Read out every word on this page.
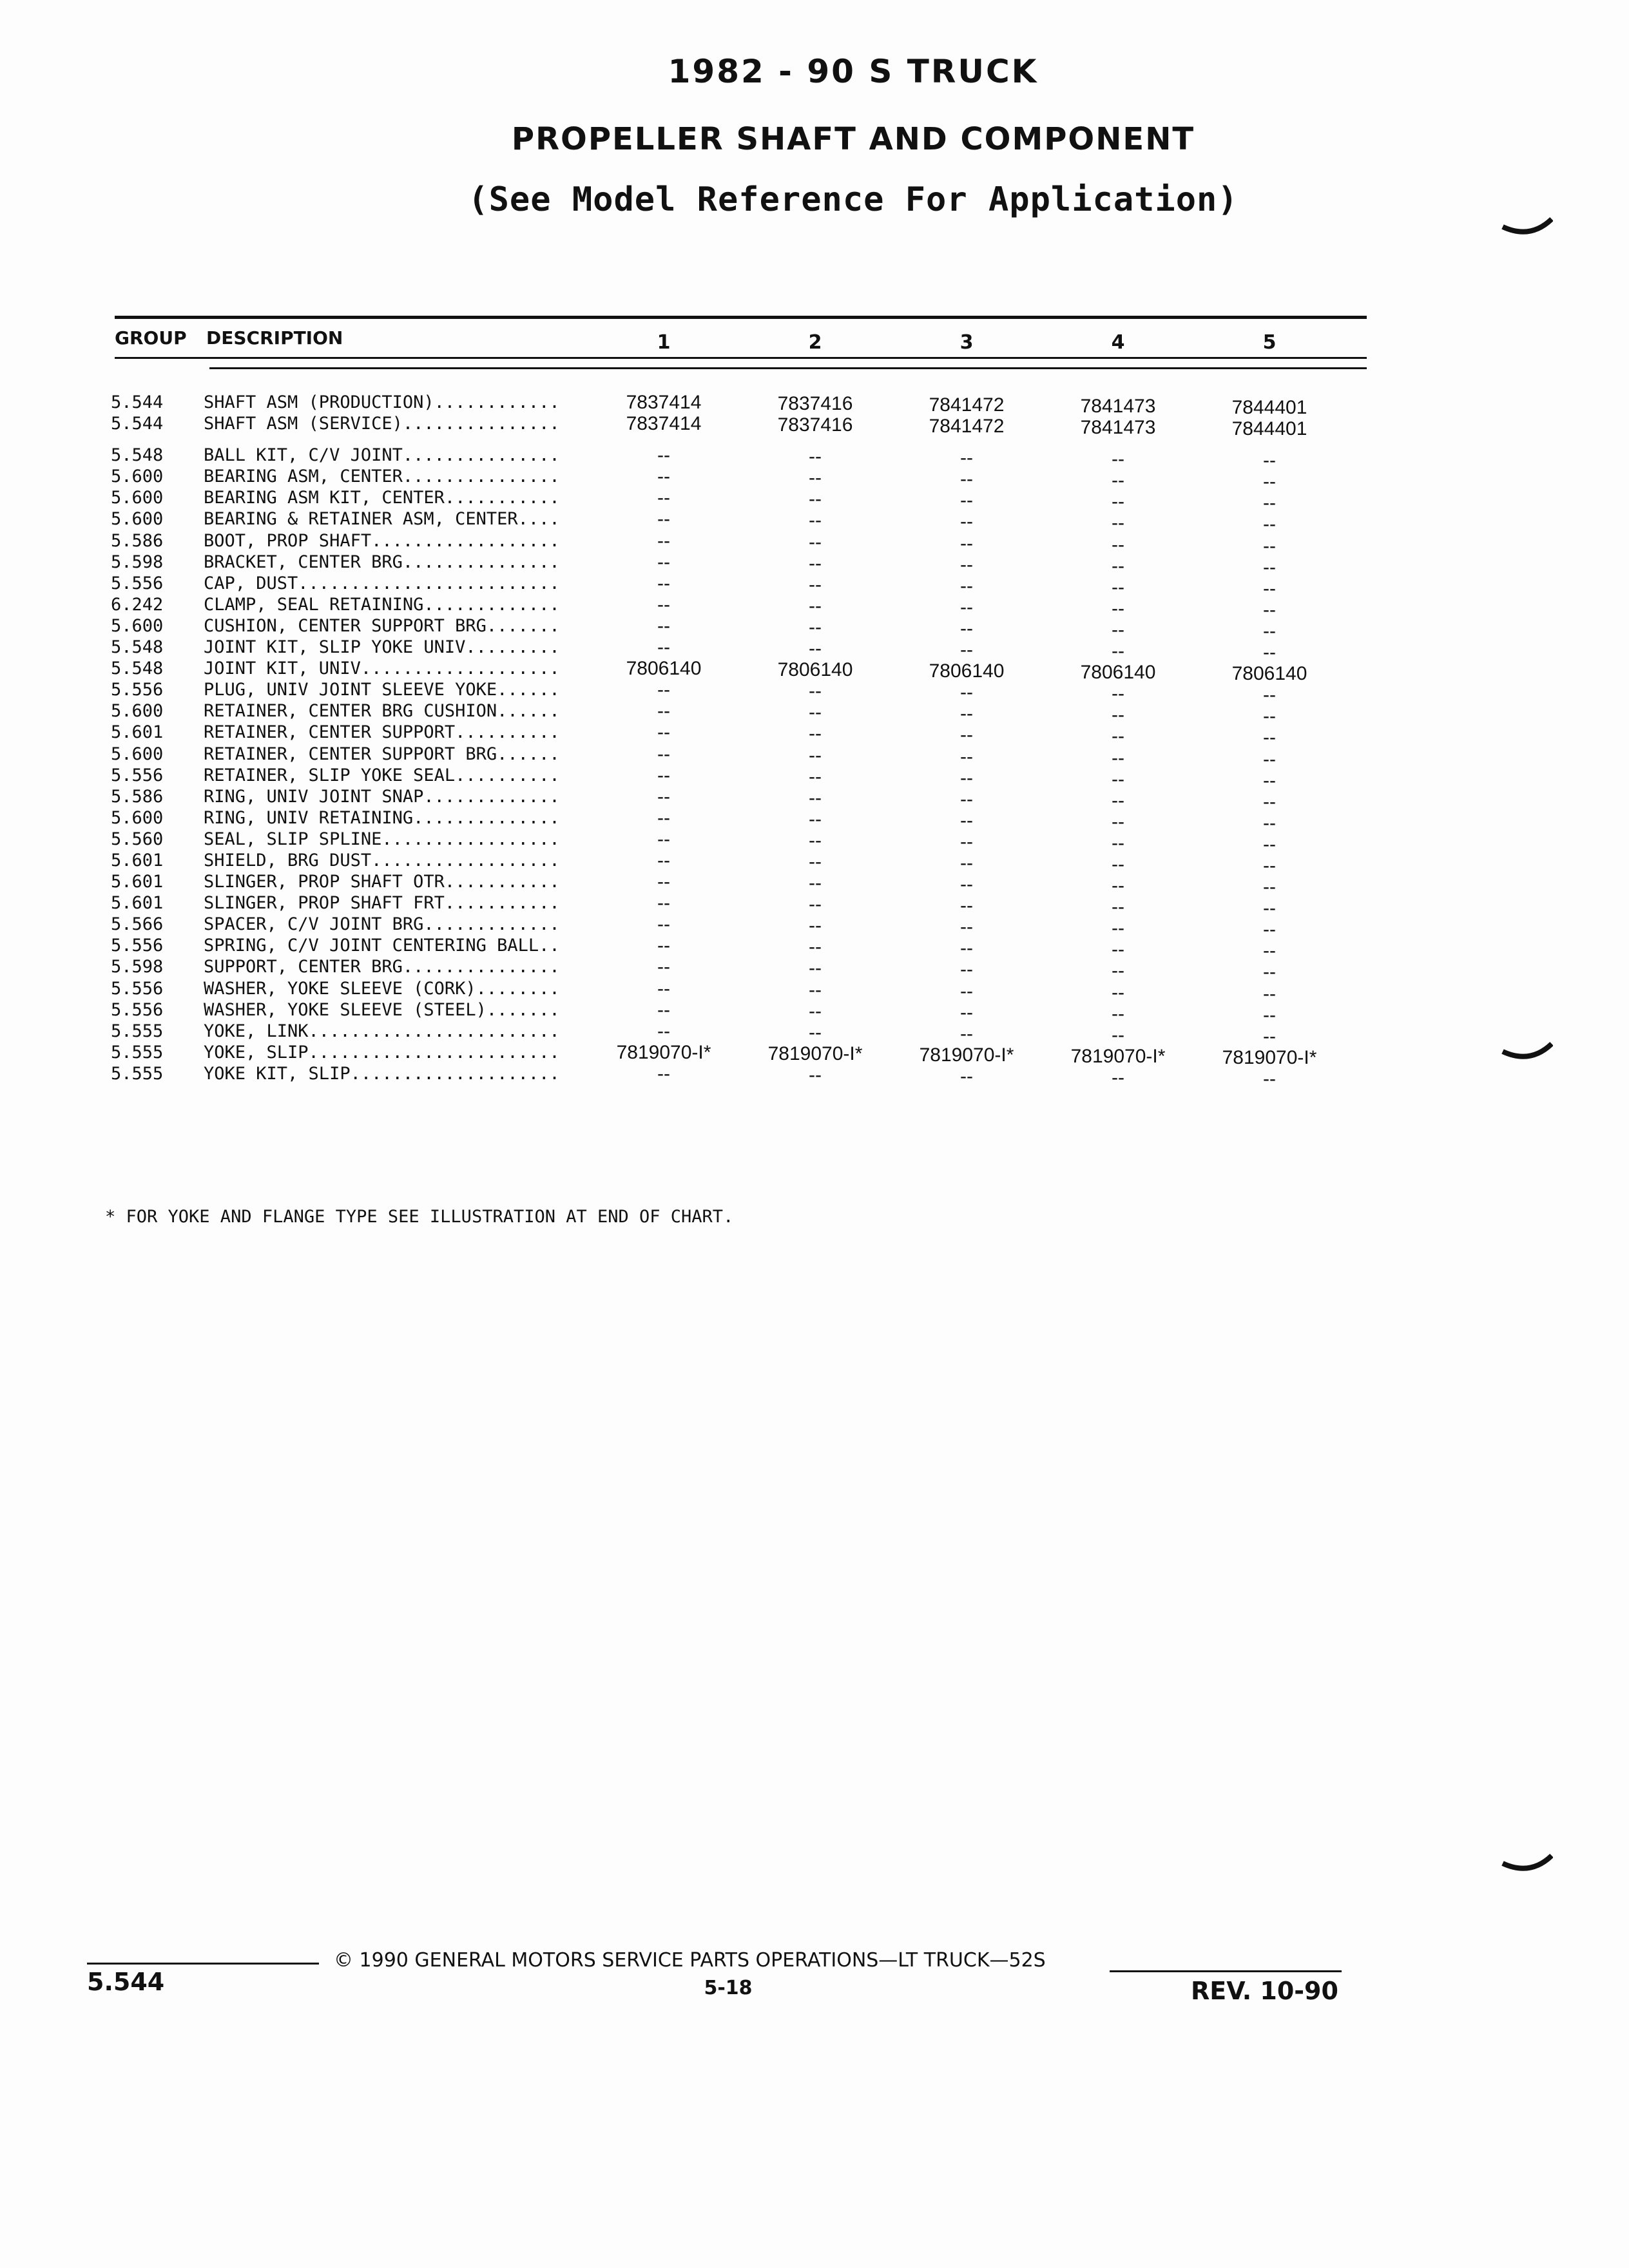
1982 - 90 S TRUCK
PROPELLER SHAFT AND COMPONENT
(See Model Reference For Application)
GROUP DESCRIPTION	1	2	3	4	5
5.544 SHAFT ASM (PRODUCTION)............	7837414	7837416	7841472	7841473	7844401
5.544 SHAFT ASM (SERVICE)...............	7837414	7837416	7841472	7841473	7844401
5.548 BALL KIT, C/V JOINT...............	--	--	--	--	--
5.600 BEARING ASM, CENTER...............	--	--	--	--	--
5.600 BEARING ASM KIT, CENTER...........	--	--	--	--	--
5.600 BEARING & RETAINER ASM, CENTER....	--	--	--	--	--
5.586 BOOT, PROP SHAFT..................	--	--	--	--	--
5.598 BRACKET, CENTER BRG...............	--	--	--	--	--
5.556 CAP, DUST.........................	--	--	--	--	--
6.242 CLAMP, SEAL RETAINING.............	--	--	--	--	--
5.600 CUSHION, CENTER SUPPORT BRG.......	--	--	--	--	--
5.548 JOINT KIT, SLIP YOKE UNIV.........	--	--	--	--	--
5.548 JOINT KIT, UNIV...................	7806140	7806140	7806140	7806140	7806140
5.556 PLUG, UNIV JOINT SLEEVE YOKE......	--	--	--	--	--
5.600 RETAINER, CENTER BRG CUSHION......	--	--	--	--	--
5.601 RETAINER, CENTER SUPPORT..........	--	--	--	--	--
5.600 RETAINER, CENTER SUPPORT BRG......	--	--	--	--	--
5.556 RETAINER, SLIP YOKE SEAL..........	--	--	--	--	--
5.586 RING, UNIV JOINT SNAP.............	--	--	--	--	--
5.600 RING, UNIV RETAINING..............	--	--	--	--	--
5.560 SEAL, SLIP SPLINE.................	--	--	--	--	--
5.601 SHIELD, BRG DUST..................	--	--	--	--	--
5.601 SLINGER, PROP SHAFT OTR...........	--	--	--	--	--
5.601 SLINGER, PROP SHAFT FRT...........	--	--	--	--	--
5.566 SPACER, C/V JOINT BRG.............	--	--	--	--	--
5.556 SPRING, C/V JOINT CENTERING BALL..	--	--	--	--	--
5.598 SUPPORT, CENTER BRG...............	--	--	--	--	--
5.556 WASHER, YOKE SLEEVE (CORK)........	--	--	--	--	--
5.556 WASHER, YOKE SLEEVE (STEEL).......	--	--	--	--	--
5.555 YOKE, LINK........................	--	--	--	--	--
5.555 YOKE, SLIP........................	7819070-I*	7819070-I*	7819070-I*	7819070-I*	7819070-I*
5.555 YOKE KIT, SLIP....................	--	--	--	--	--
* FOR YOKE AND FLANGE TYPE SEE ILLUSTRATION AT END OF CHART.
5.544
© 1990 GENERAL MOTORS SERVICE PARTS OPERATIONS—LT TRUCK—52S
5-18	REV. 10-90
